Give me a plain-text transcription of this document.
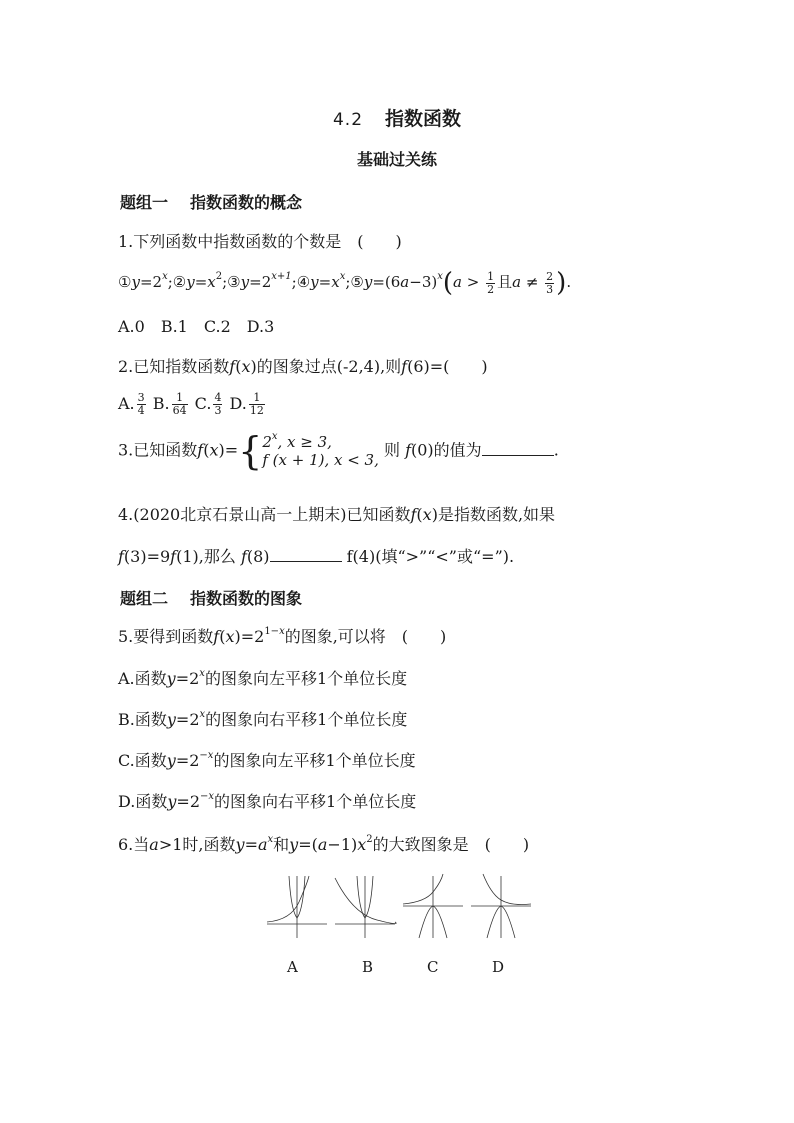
4.2 指数函数
基础过关练
题组一 指数函数的概念
1.下列函数中指数函数的个数是　(　　)
$①y=2^x;②y=x^2;③y=2^{x+1};④y=x^x;⑤y=(6a-3)^x(a > \frac{1}{2}$ 且$a \ne \frac{2}{3}$ ).
A.0　B.1　C.2　D.3
2.已知指数函数f(x)的图象过点(-2,4),则f(6)=(　　)
A. $\frac{3}{4} B$. $\frac{1}{64} C$. $\frac{4}{3} D$. $\frac{1}{12}$
3.已知函数f(x)={ 2$^x$, x ≥ 3,
f (x + 1), x < 3,
则 f(0)的值为	.
4.(2020北京石景山高一上期末)已知函数f(x)是指数函数,如果
f(3)=9f(1),那么 f(8)	f(4)(填“>”“<”或“=”).
题组二 指数函数的图象
5.要得到函数$f(x)=2^{1-x}$的图象,可以将　(　　)
A.函数$y=2^x$的图象向左平移1个单位长度
B.函数$y=2^x$的图象向右平移1个单位长度
C.函数$y=2^{-x}$的图象向左平移1个单位长度
D.函数$y=2^{-x}$的图象向右平移1个单位长度
6.当a>1时,函数$y=a^x$和$y=(a-1)x^2$的大致图象是　(　　)
A	B	C	D
